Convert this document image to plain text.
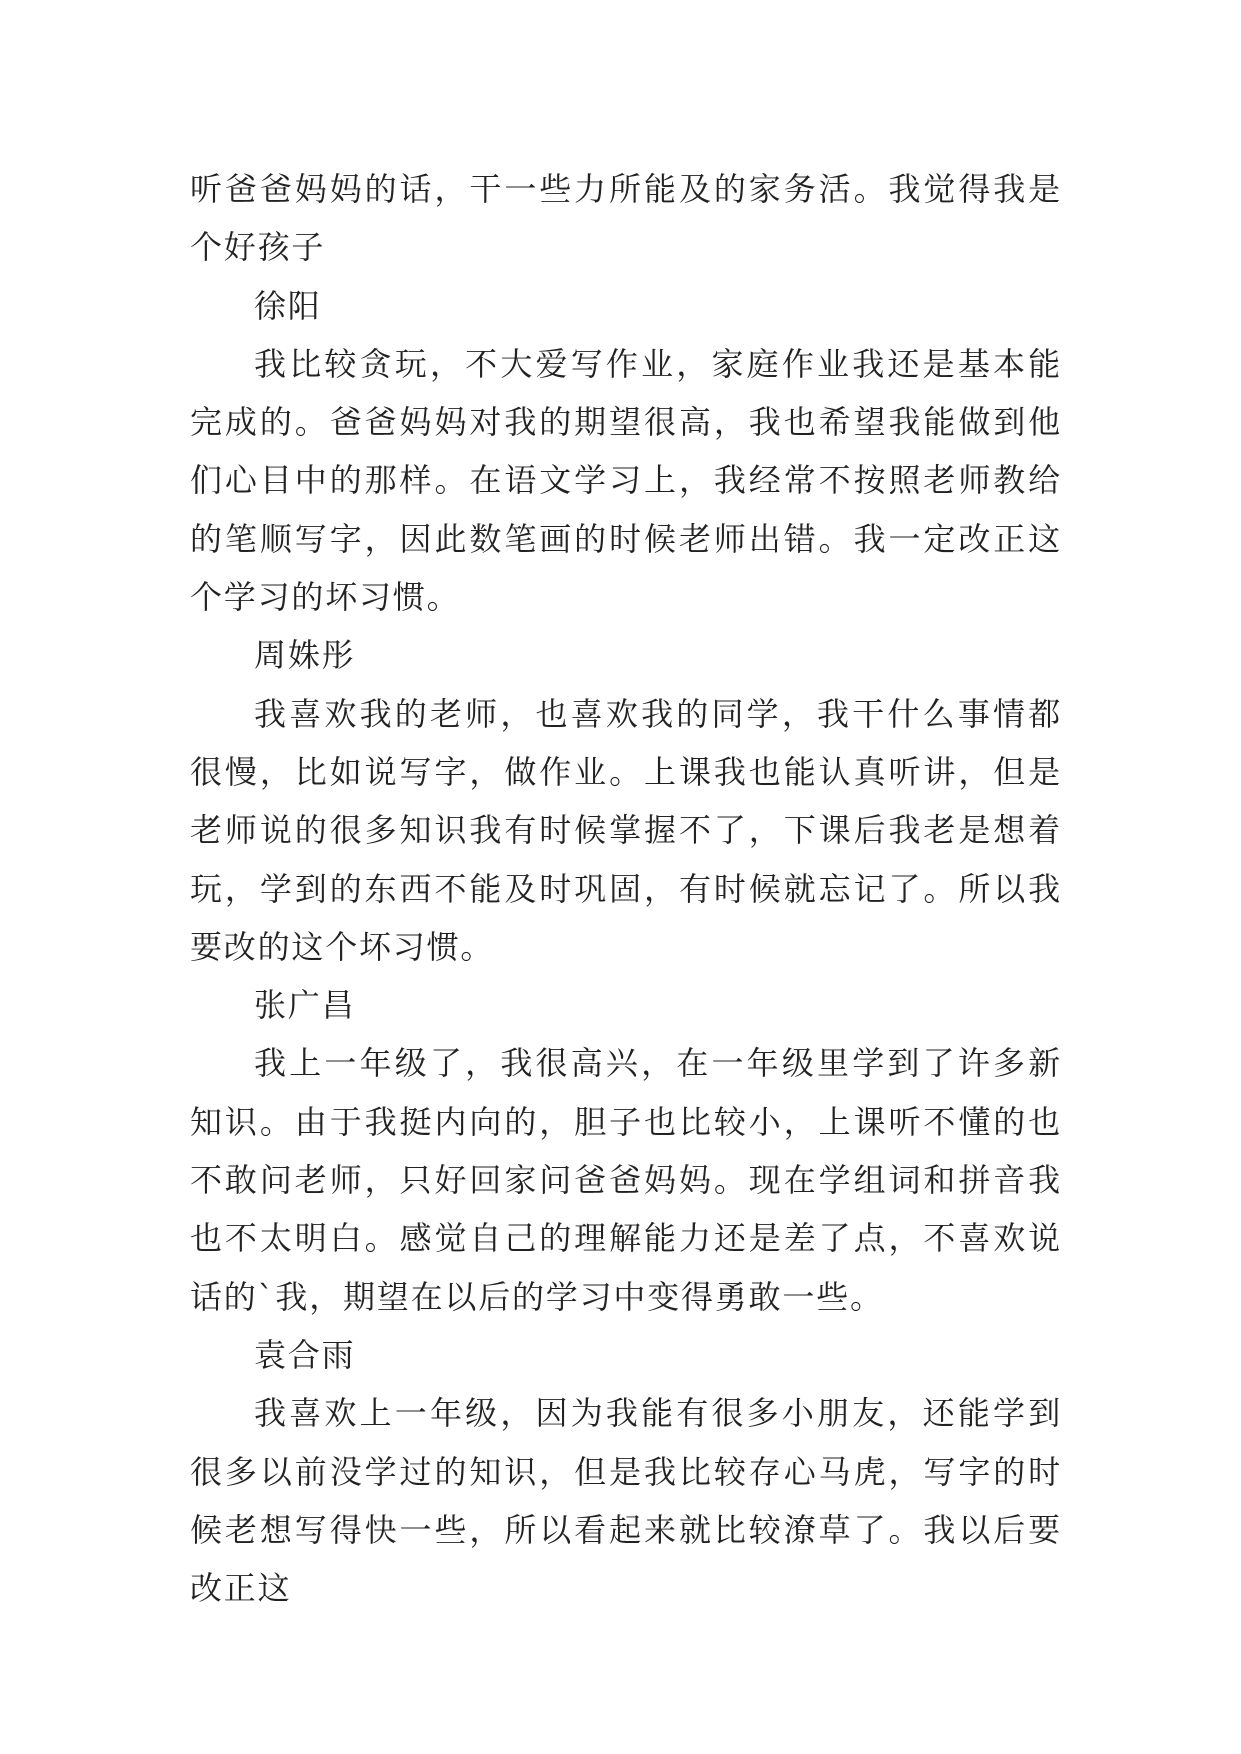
听爸爸妈妈的话，干一些力所能及的家务活。我觉得我是个好孩子

徐阳

我比较贪玩，不大爱写作业，家庭作业我还是基本能完成的。爸爸妈妈对我的期望很高，我也希望我能做到他们心目中的那样。在语文学习上，我经常不按照老师教给的笔顺写字，因此数笔画的时候老师出错。我一定改正这个学习的坏习惯。

周姝彤

我喜欢我的老师，也喜欢我的同学，我干什么事情都很慢，比如说写字，做作业。上课我也能认真听讲，但是老师说的很多知识我有时候掌握不了，下课后我老是想着玩，学到的东西不能及时巩固，有时候就忘记了。所以我要改的这个坏习惯。

张广昌

我上一年级了，我很高兴，在一年级里学到了许多新知识。由于我挺内向的，胆子也比较小，上课听不懂的也不敢问老师，只好回家问爸爸妈妈。现在学组词和拼音我也不太明白。感觉自己的理解能力还是差了点，不喜欢说话的`我，期望在以后的学习中变得勇敢一些。

袁合雨

我喜欢上一年级，因为我能有很多小朋友，还能学到很多以前没学过的知识，但是我比较存心马虎，写字的时候老想写得快一些，所以看起来就比较潦草了。我以后要改正这
